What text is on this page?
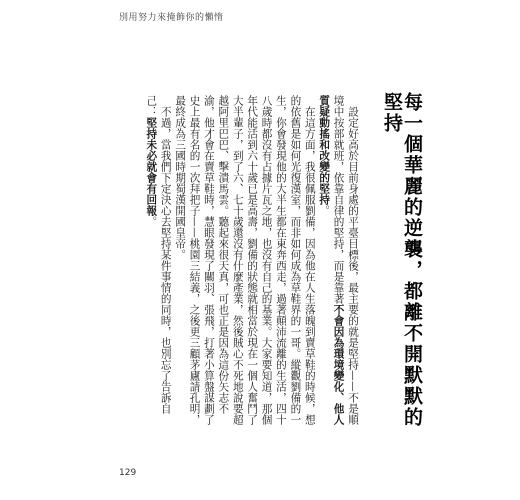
別用努力來掩飾你的懶惰
每一個華麗的逆襲，都離不開默默的堅持

設定好高於目前身處的平臺目標後，最主要的就是堅持——不是順境中按部就班，依靠自律的堅持，而是靠著不會因為環境變化、他人質疑動搖和改變的堅持。

在這方面，我很佩服劉備，因為他在人生落魄到賣草鞋的時候，想的依舊是如何光復漢室，而非如何成為草鞋界的一哥。縱觀劉備的一生，你會發現他的大半生都在東奔西走，過著顛沛流離的生活，四十八歲時都沒有占據片瓦之地，也沒有自己的基業。大家要知道，那個年代能活到六十歲已是高壽，劉備的狀態就相當於現在一個人奮鬥了大半輩子，到了六、七十歲還沒有什麼產業，然後賊心不死地說要超越阿里巴巴、擊潰馬雲。聽起來很天真，可也正是因為這份矢志不渝，他才會在賣草鞋時，慧眼發現了關羽、張飛，打著小算盤謀劃了史上最有名的一次拜把子——桃園三結義，之後更三顧茅廬請孔明，最終成為三國時期蜀漢開國皇帝。

不過，當我們下定決心去堅持某件事情的同時，也別忘了告訴自己：堅持未必就會有回報。

129
